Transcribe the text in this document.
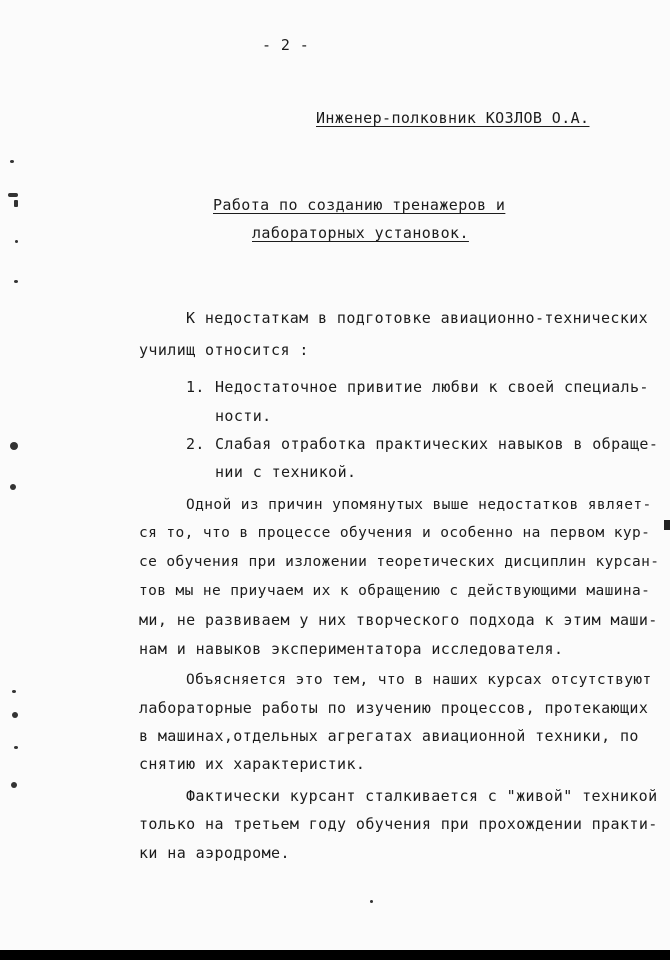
- 2 -
Инженер-полковник КОЗЛОВ О.А.
Работа по созданию тренажеров и
лабораторных установок.
К недостаткам в подготовке авиационно-технических
училищ относится :
1. Недостаточное привитие любви к своей специаль-
ности.
2. Слабая отработка практических навыков в обраще-
нии с техникой.
Одной из причин упомянутых выше недостатков являет-
ся то, что в процессе обучения и особенно на первом кур-
се обучения при изложении теоретических дисциплин курсан-
тов мы не приучаем их к обращению с действующими машина-
ми, не развиваем у них творческого подхода к этим маши-
нам и навыков экспериментатора исследователя.
Объясняется это тем, что в наших курсах отсутствуют
лабораторные работы по изучению процессов, протекающих
в машинах,отдельных агрегатах авиационной техники, по
снятию их характеристик.
Фактически курсант сталкивается с "живой" техникой
только на третьем году обучения при прохождении практи-
ки на аэродроме.
